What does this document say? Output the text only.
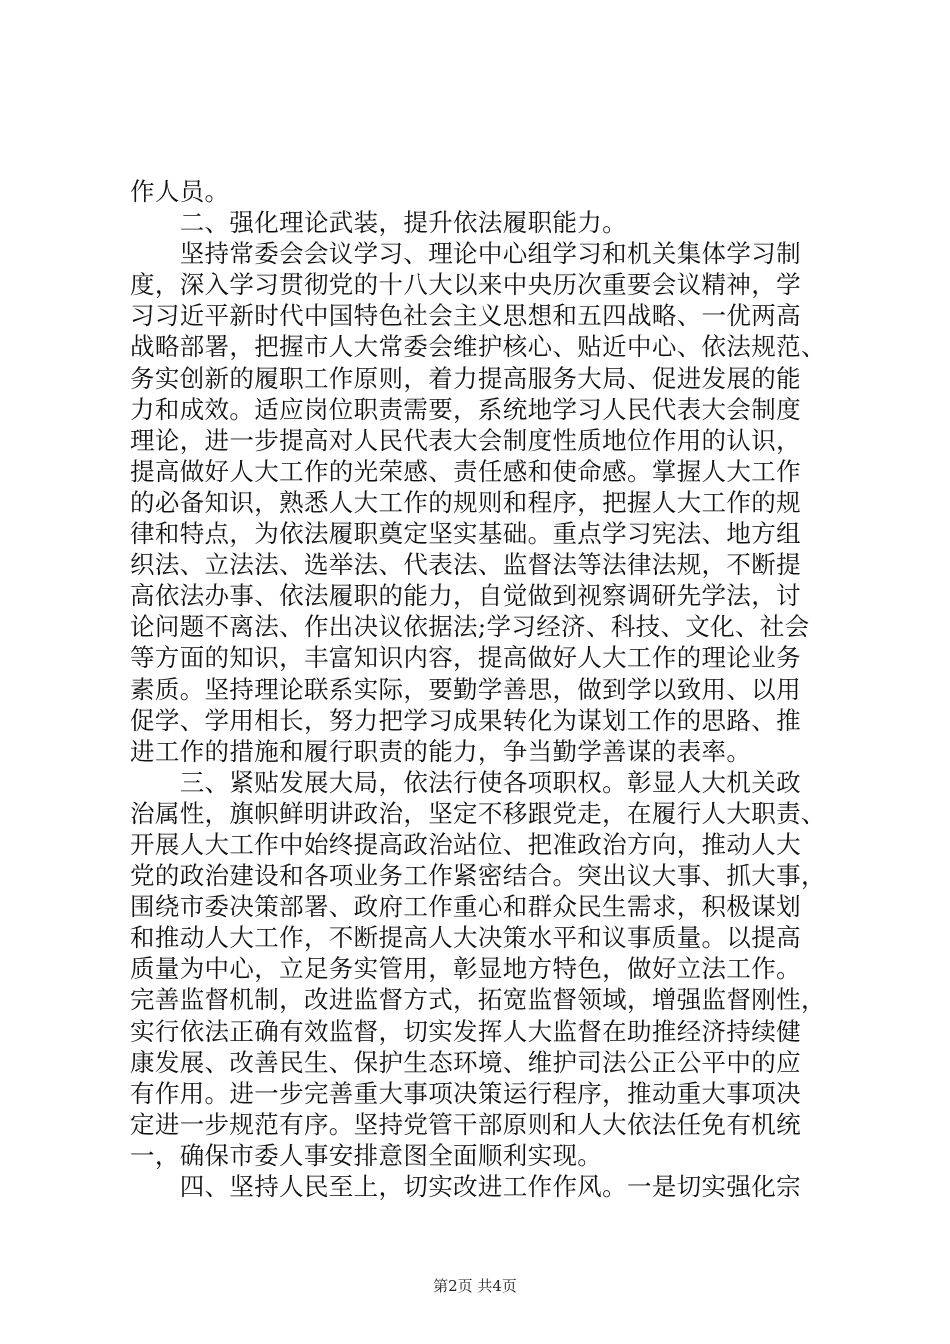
作人员。
　　二、强化理论武装，提升依法履职能力。
　　坚持常委会会议学习、理论中心组学习和机关集体学习制
度，深入学习贯彻党的十八大以来中央历次重要会议精神，学
习习近平新时代中国特色社会主义思想和五四战略、一优两高
战略部署，把握市人大常委会维护核心、贴近中心、依法规范、
务实创新的履职工作原则，着力提高服务大局、促进发展的能
力和成效。适应岗位职责需要，系统地学习人民代表大会制度
理论，进一步提高对人民代表大会制度性质地位作用的认识，
提高做好人大工作的光荣感、责任感和使命感。掌握人大工作
的必备知识，熟悉人大工作的规则和程序，把握人大工作的规
律和特点，为依法履职奠定坚实基础。重点学习宪法、地方组
织法、立法法、选举法、代表法、监督法等法律法规，不断提
高依法办事、依法履职的能力，自觉做到视察调研先学法，讨
论问题不离法、作出决议依据法;学习经济、科技、文化、社会
等方面的知识，丰富知识内容，提高做好人大工作的理论业务
素质。坚持理论联系实际，要勤学善思，做到学以致用、以用
促学、学用相长，努力把学习成果转化为谋划工作的思路、推
进工作的措施和履行职责的能力，争当勤学善谋的表率。
　　三、紧贴发展大局，依法行使各项职权。彰显人大机关政
治属性，旗帜鲜明讲政治，坚定不移跟党走，在履行人大职责、
开展人大工作中始终提高政治站位、把准政治方向，推动人大
党的政治建设和各项业务工作紧密结合。突出议大事、抓大事，
围绕市委决策部署、政府工作重心和群众民生需求，积极谋划
和推动人大工作，不断提高人大决策水平和议事质量。以提高
质量为中心，立足务实管用，彰显地方特色，做好立法工作。
完善监督机制，改进监督方式，拓宽监督领域，增强监督刚性，
实行依法正确有效监督，切实发挥人大监督在助推经济持续健
康发展、改善民生、保护生态环境、维护司法公正公平中的应
有作用。进一步完善重大事项决策运行程序，推动重大事项决
定进一步规范有序。坚持党管干部原则和人大依法任免有机统
一，确保市委人事安排意图全面顺利实现。
　　四、坚持人民至上，切实改进工作作风。一是切实强化宗
第2页 共4页
